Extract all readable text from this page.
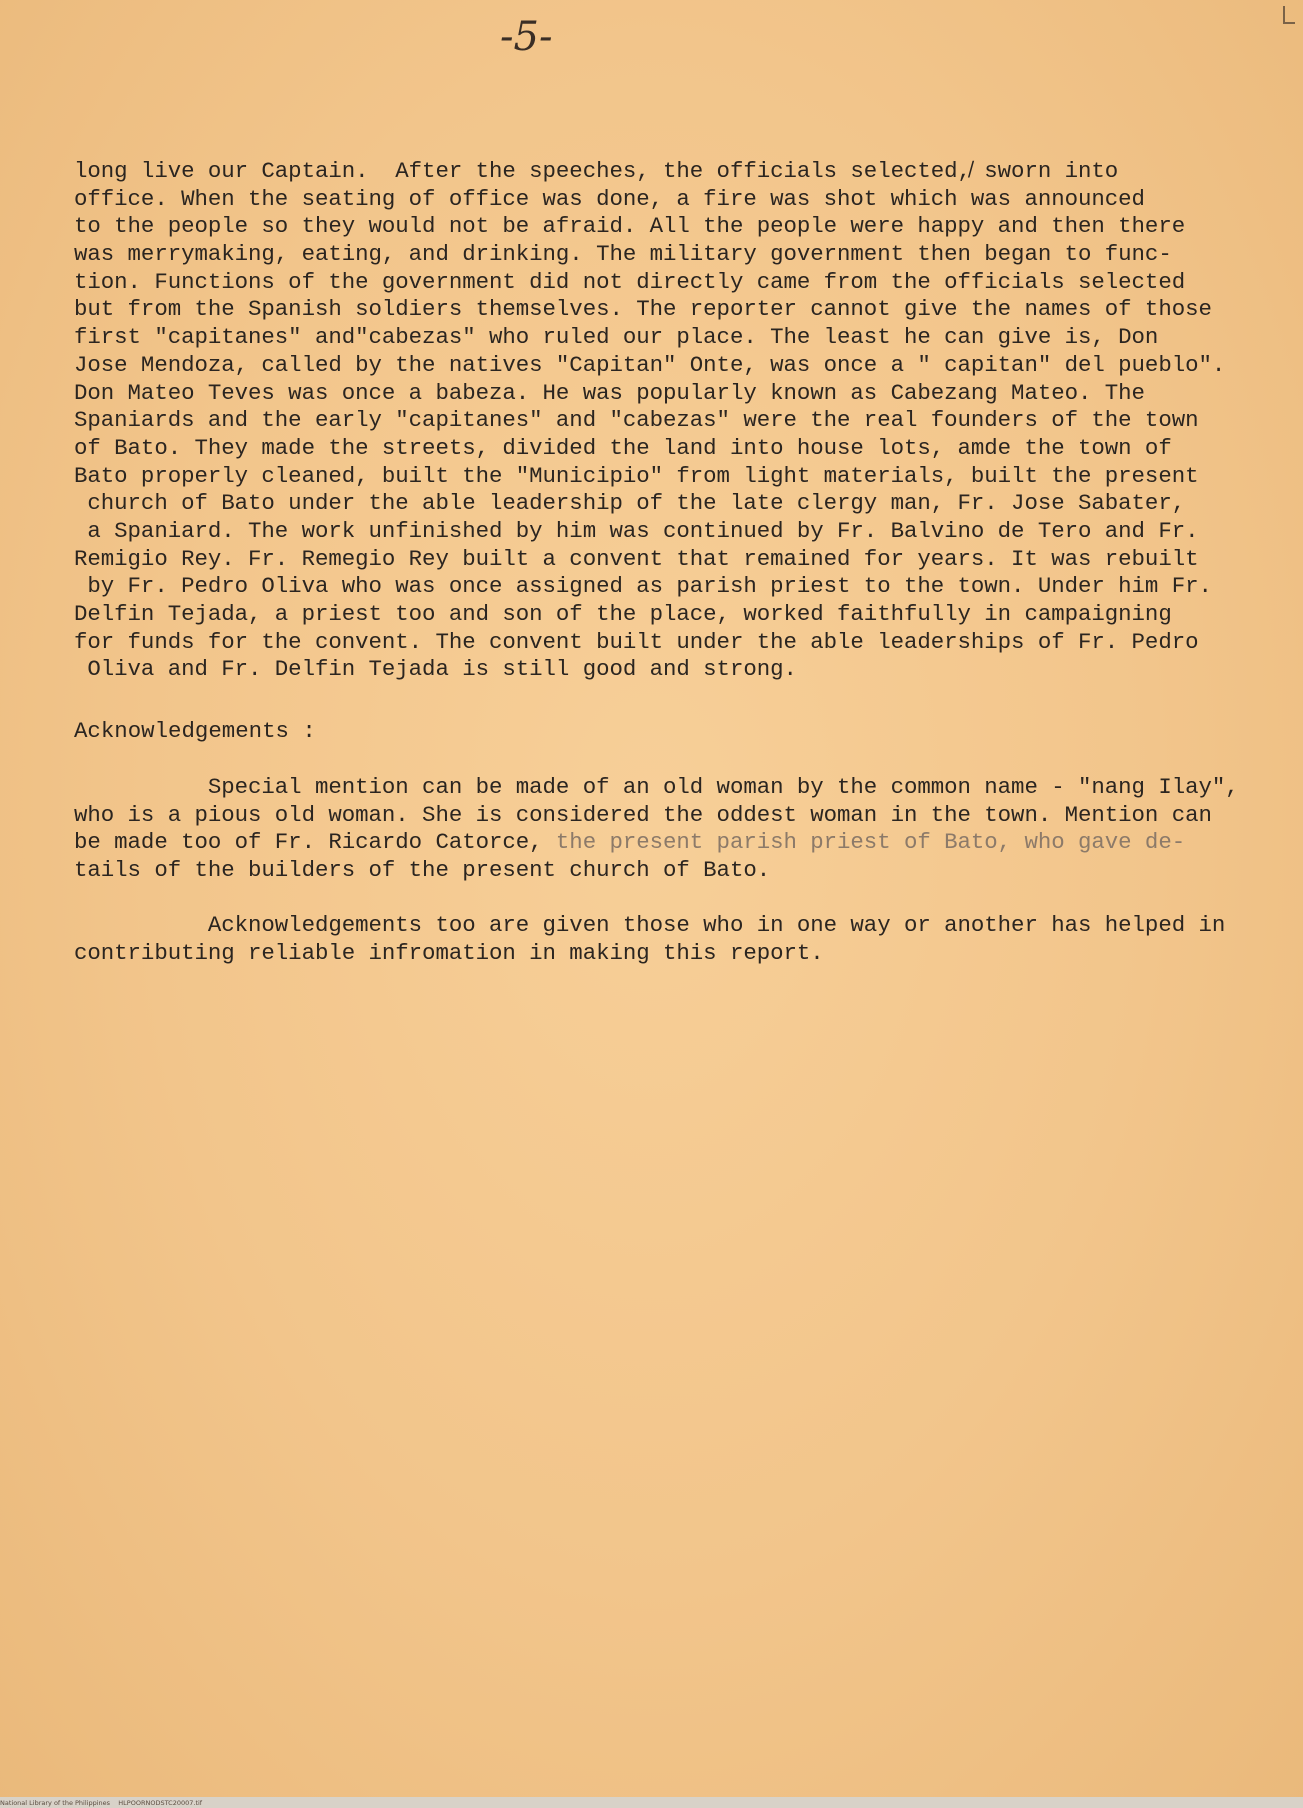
-5-
long live our Captain.  After the speeches, the officials selected,̸ sworn into
office. When the seating of office was done, a fire was shot which was announced
to the people so they would not be afraid. All the people were happy and then there
was merrymaking, eating, and drinking. The military government then began to func-
tion. Functions of the government did not directly came from the officials selected
but from the Spanish soldiers themselves. The reporter cannot give the names of those
first "capitanes" and"cabezas" who ruled our place. The least he can give is, Don
Jose Mendoza, called by the natives "Capitan" Onte, was once a " capitan" del pueblo".
Don Mateo Teves was once a babeza. He was popularly known as Cabezang Mateo. The
Spaniards and the early "capitanes" and "cabezas" were the real founders of the town
of Bato. They made the streets, divided the land into house lots, amde the town of
Bato properly cleaned, built the "Municipio" from light materials, built the present
church of Bato under the able leadership of the late clergy man, Fr. Jose Sabater,
a Spaniard. The work unfinished by him was continued by Fr. Balvino de Tero and Fr.
Remigio Rey. Fr. Remegio Rey built a convent that remained for years. It was rebuilt
by Fr. Pedro Oliva who was once assigned as parish priest to the town. Under him Fr.
Delfin Tejada, a priest too and son of the place, worked faithfully in campaigning
for funds for the convent. The convent built under the able leaderships of Fr. Pedro
Oliva and Fr. Delfin Tejada is still good and strong.
Acknowledgements :
Special mention can be made of an old woman by the common name - "nang Ilay",
who is a pious old woman. She is considered the oddest woman in the town. Mention can
be made too of Fr. Ricardo Catorce, the present parish priest of Bato, who gave de-
tails of the builders of the present church of Bato.
Acknowledgements too are given those who in one way or another has helped in
contributing reliable infromation in making this report.
National Library of the Philippines    HLPOORNODSTC20007.tif
